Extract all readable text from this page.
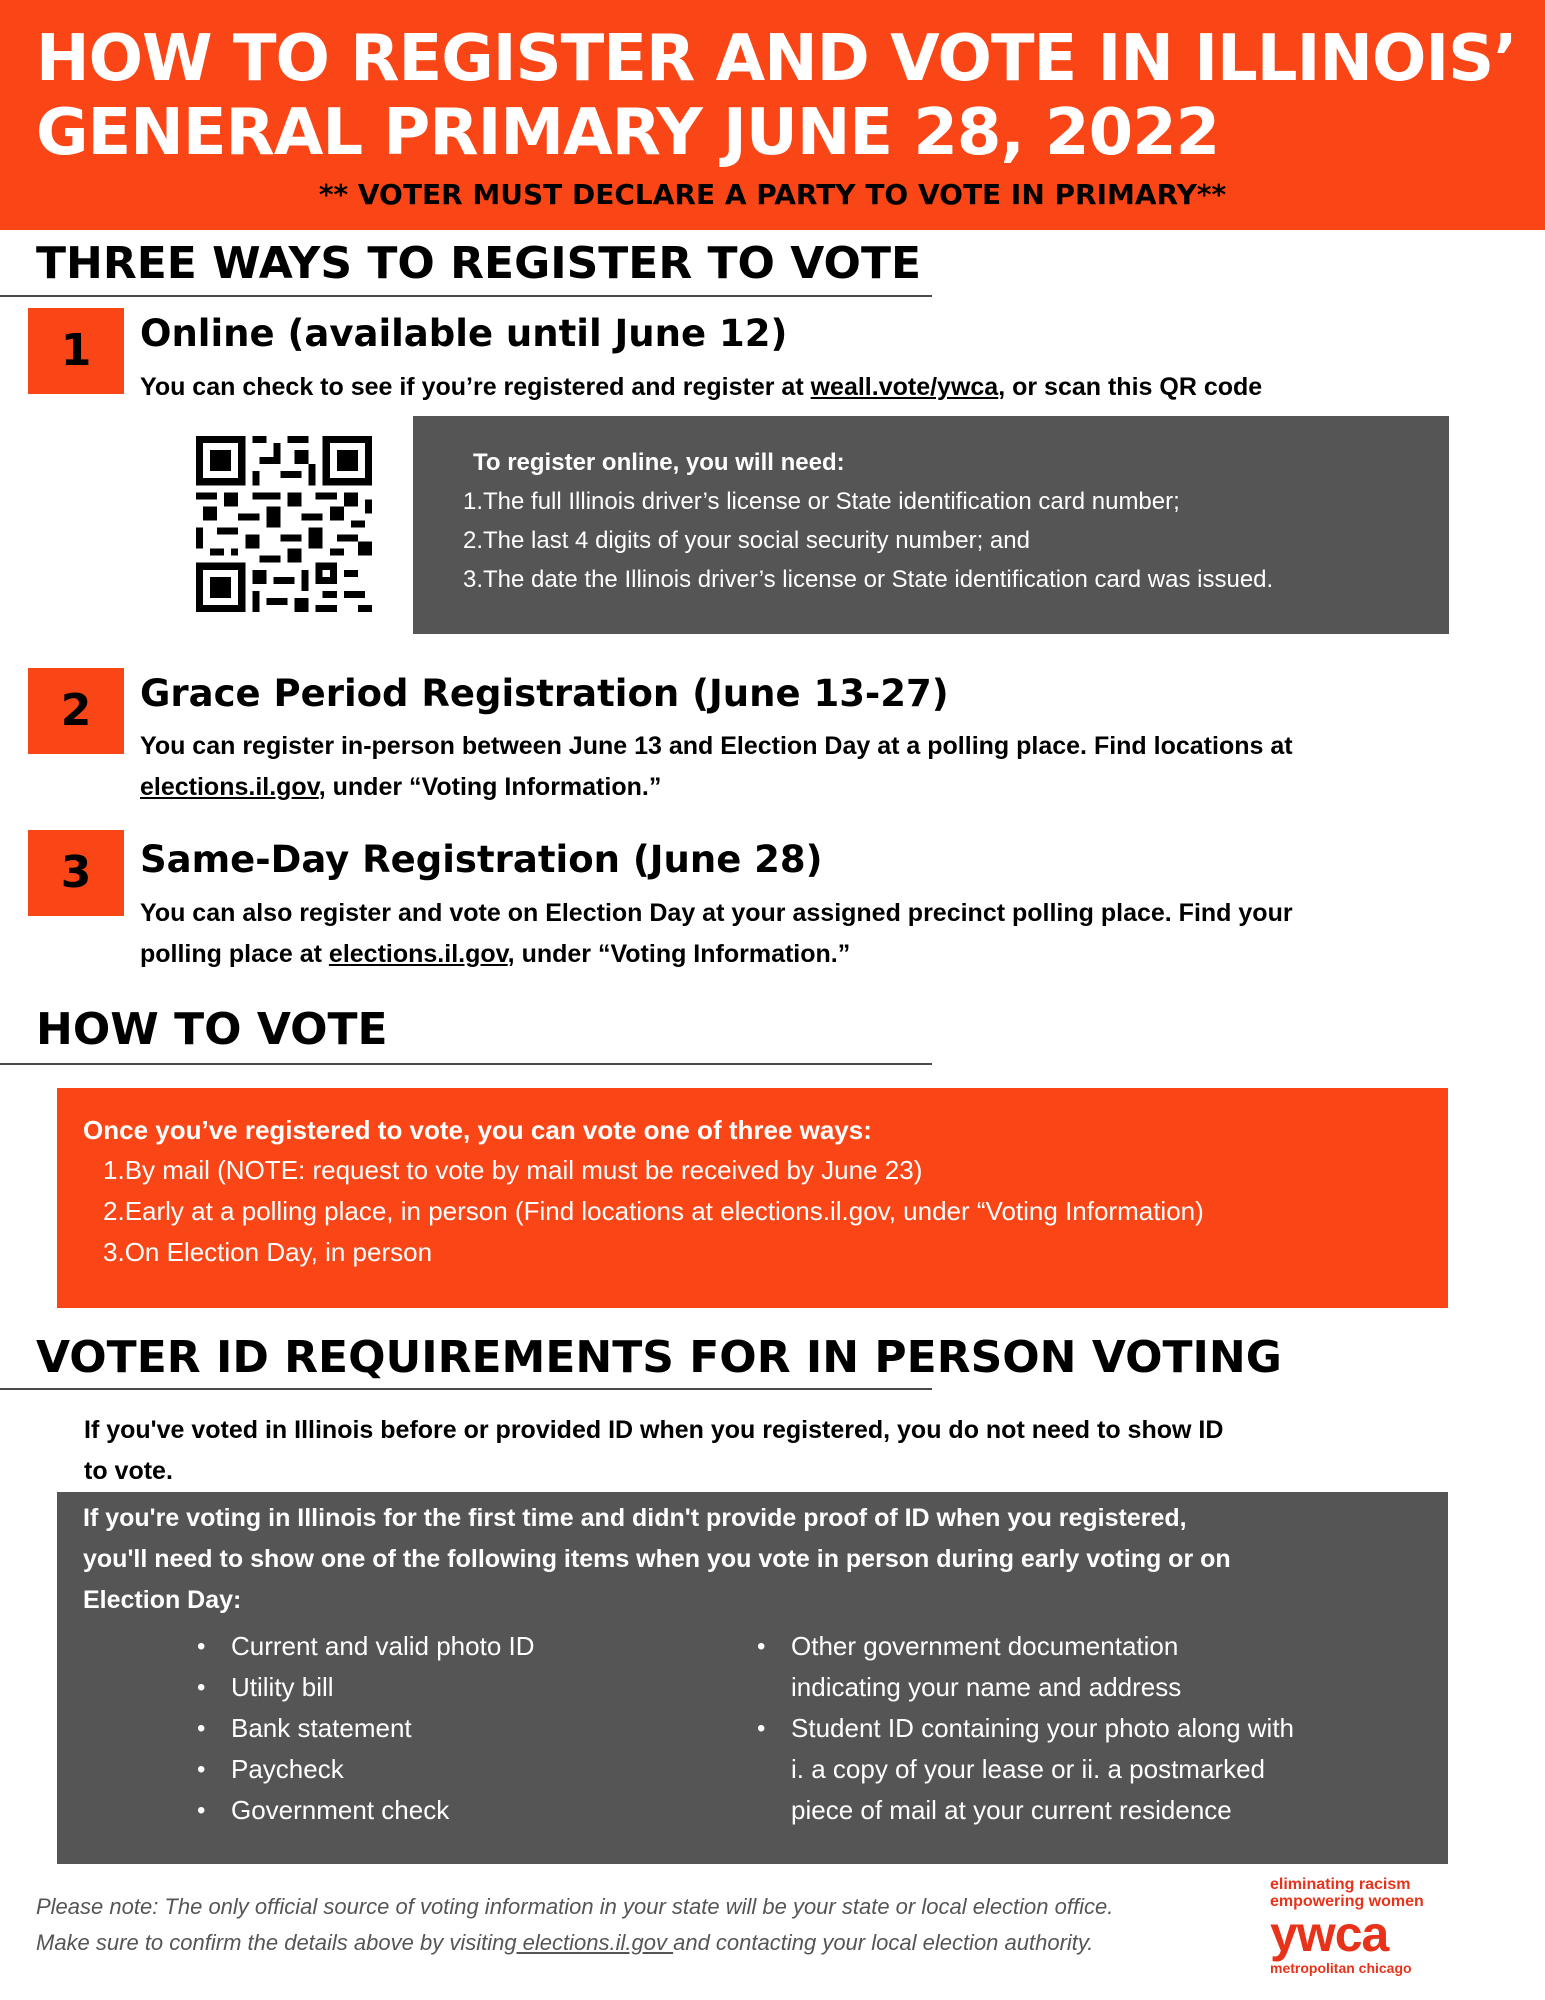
HOW TO REGISTER AND VOTE IN ILLINOIS’
GENERAL PRIMARY JUNE 28, 2022
** VOTER MUST DECLARE A PARTY TO VOTE IN PRIMARY**
THREE WAYS TO REGISTER TO VOTE
1	Online (available until June 12)
You can check to see if you’re registered and register at weall.vote/ywca, or scan this QR code
To register online, you will need:
1.The full Illinois driver’s license or State identification card number;
2.The last 4 digits of your social security number; and
3.The date the Illinois driver’s license or State identification card was issued.
2	Grace Period Registration (June 13-27)
You can register in-person between June 13 and Election Day at a polling place. Find locations at
elections.il.gov, under “Voting Information.”
3	Same-Day Registration (June 28)
You can also register and vote on Election Day at your assigned precinct polling place. Find your
polling place at elections.il.gov, under “Voting Information.”
HOW TO VOTE
Once you’ve registered to vote, you can vote one of three ways:
1.By mail (NOTE: request to vote by mail must be received by June 23)
2.Early at a polling place, in person (Find locations at elections.il.gov, under “Voting Information)
3.On Election Day, in person
VOTER ID REQUIREMENTS FOR IN PERSON VOTING
If you've voted in Illinois before or provided ID when you registered, you do not need to show ID
to vote.
If you're voting in Illinois for the first time and didn't provide proof of ID when you registered,
you'll need to show one of the following items when you vote in person during early voting or on
Election Day:
• Current and valid photo ID
• Utility bill
• Bank statement
• Paycheck
• Government check
• Other government documentation
indicating your name and address
• Student ID containing your photo along with
i. a copy of your lease or ii. a postmarked
piece of mail at your current residence
Please note: The only official source of voting information in your state will be your state or local election office.
Make sure to confirm the details above by visiting elections.il.gov and contacting your local election authority.
eliminating racism
empowering women
ywca
metropolitan chicago
